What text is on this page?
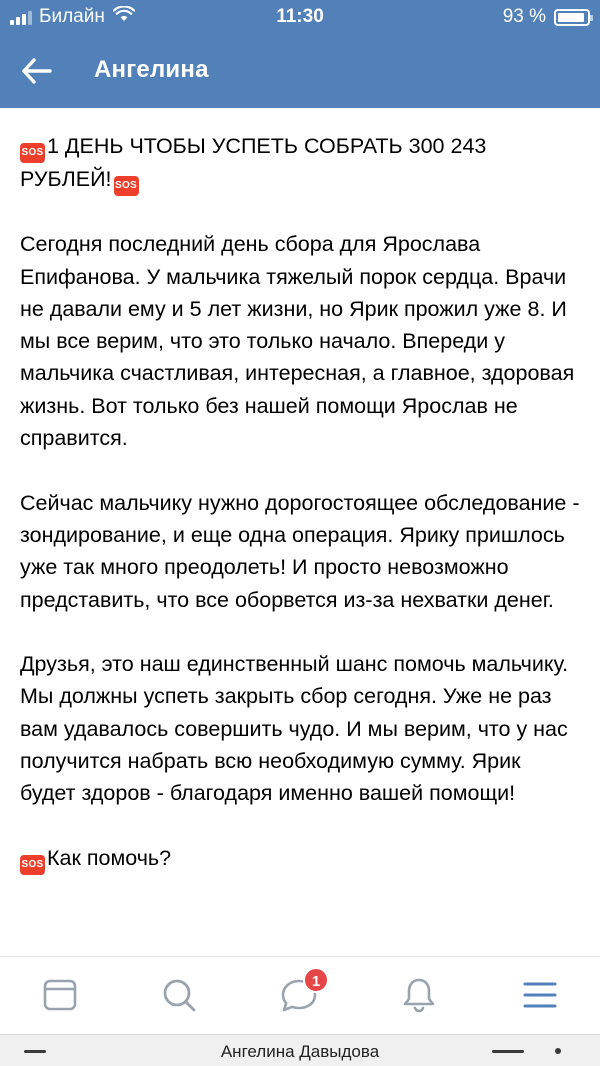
Билайн	11:30	93 %
Ангелина

SOS 1 ДЕНЬ ЧТОБЫ УСПЕТЬ СОБРАТЬ 300 243 РУБЛЕЙ! SOS

Сегодня последний день сбора для Ярослава Епифанова. У мальчика тяжелый порок сердца. Врачи не давали ему и 5 лет жизни, но Ярик прожил уже 8. И мы все верим, что это только начало. Впереди у мальчика счастливая, интересная, а главное, здоровая жизнь. Вот только без нашей помощи Ярослав не справится.

Сейчас мальчику нужно дорогостоящее обследование - зондирование, и еще одна операция. Ярику пришлось уже так много преодолеть! И просто невозможно представить, что все оборвется из-за нехватки денег.

Друзья, это наш единственный шанс помочь мальчику. Мы должны успеть закрыть сбор сегодня. Уже не раз вам удавалось совершить чудо. И мы верим, что у нас получится набрать всю необходимую сумму. Ярик будет здоров - благодаря именно вашей помощи!

SOS Как помочь?

1
Ангелина Давыдова
